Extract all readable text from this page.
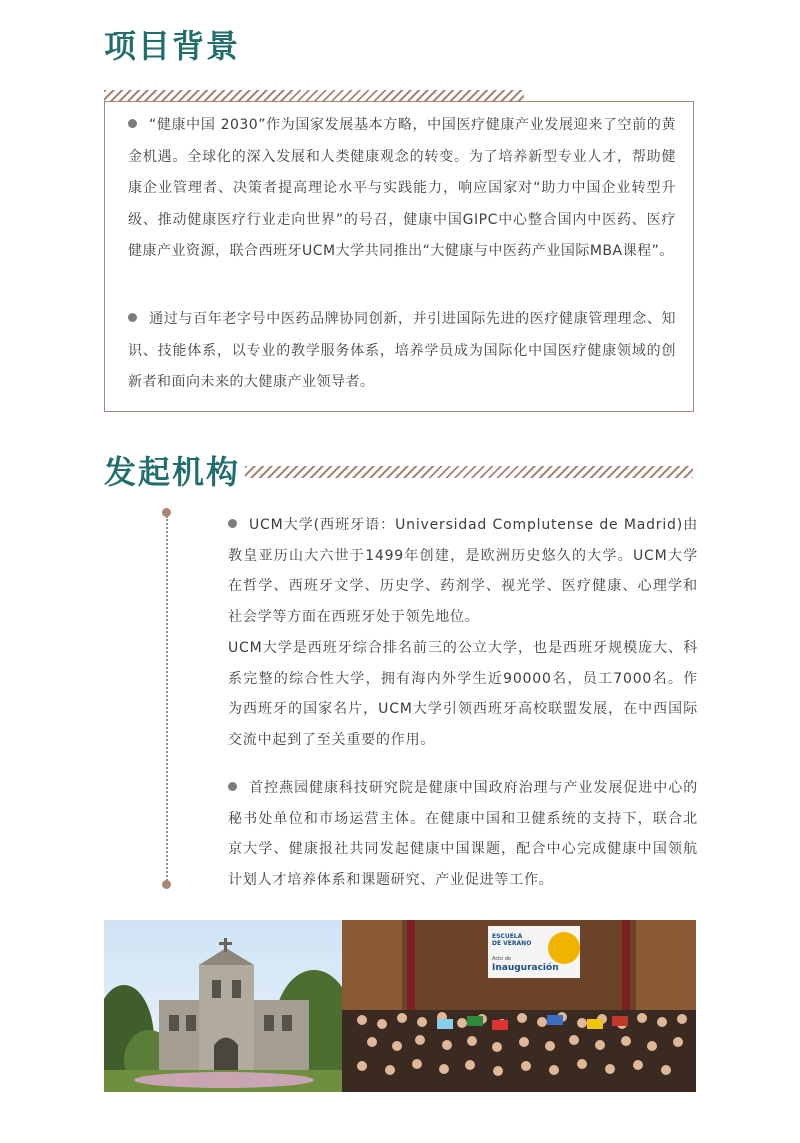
项目背景

“健康中国 2030”作为国家发展基本方略，中国医疗健康产业发展迎来了空前的黄金机遇。全球化的深入发展和人类健康观念的转变。为了培养新型专业人才，帮助健康企业管理者、决策者提高理论水平与实践能力，响应国家对“助力中国企业转型升级、推动健康医疗行业走向世界”的号召，健康中国GIPC中心整合国内中医药、医疗健康产业资源，联合西班牙UCM大学共同推出“大健康与中医药产业国际MBA课程”。

通过与百年老字号中医药品牌协同创新，并引进国际先进的医疗健康管理理念、知识、技能体系，以专业的教学服务体系，培养学员成为国际化中国医疗健康领域的创新者和面向未来的大健康产业领导者。

发起机构

UCM大学(西班牙语：Universidad Complutense de Madrid)由教皇亚历山大六世于1499年创建，是欧洲历史悠久的大学。UCM大学在哲学、西班牙文学、历史学、药剂学、视光学、医疗健康、心理学和社会学等方面在西班牙处于领先地位。

UCM大学是西班牙综合排名前三的公立大学，也是西班牙规模庞大、科系完整的综合性大学，拥有海内外学生近90000名，员工7000名。作为西班牙的国家名片，UCM大学引领西班牙高校联盟发展，在中西国际交流中起到了至关重要的作用。

首控燕园健康科技研究院是健康中国政府治理与产业发展促进中心的秘书处单位和市场运营主体。在健康中国和卫健系统的支持下，联合北京大学、健康报社共同发起健康中国课题，配合中心完成健康中国领航计划人才培养体系和课题研究、产业促进等工作。

ESCUELA
DE VERANO
Acto de
Inauguración
